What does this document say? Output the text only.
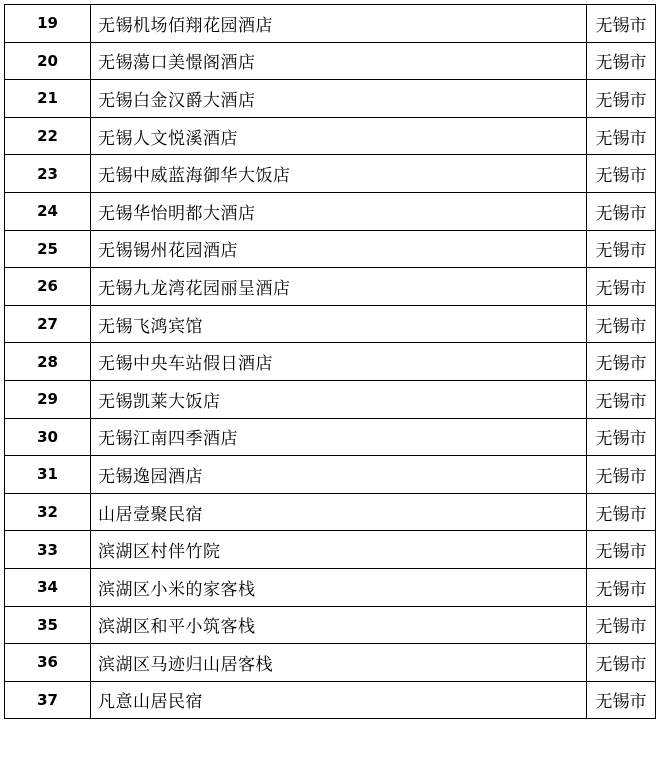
19	无锡机场佰翔花园酒店	无锡市
20	无锡蕩口美憬阁酒店	无锡市
21	无锡白金汉爵大酒店	无锡市
22	无锡人文悦溪酒店	无锡市
23	无锡中威蓝海御华大饭店	无锡市
24	无锡华怡明都大酒店	无锡市
25	无锡锡州花园酒店	无锡市
26	无锡九龙湾花园丽呈酒店	无锡市
27	无锡飞鸿宾馆	无锡市
28	无锡中央车站假日酒店	无锡市
29	无锡凯莱大饭店	无锡市
30	无锡江南四季酒店	无锡市
31	无锡逸园酒店	无锡市
32	山居壹聚民宿	无锡市
33	滨湖区村伴竹院	无锡市
34	滨湖区小米的家客栈	无锡市
35	滨湖区和平小筑客栈	无锡市
36	滨湖区马迹归山居客栈	无锡市
37	凡意山居民宿	无锡市
